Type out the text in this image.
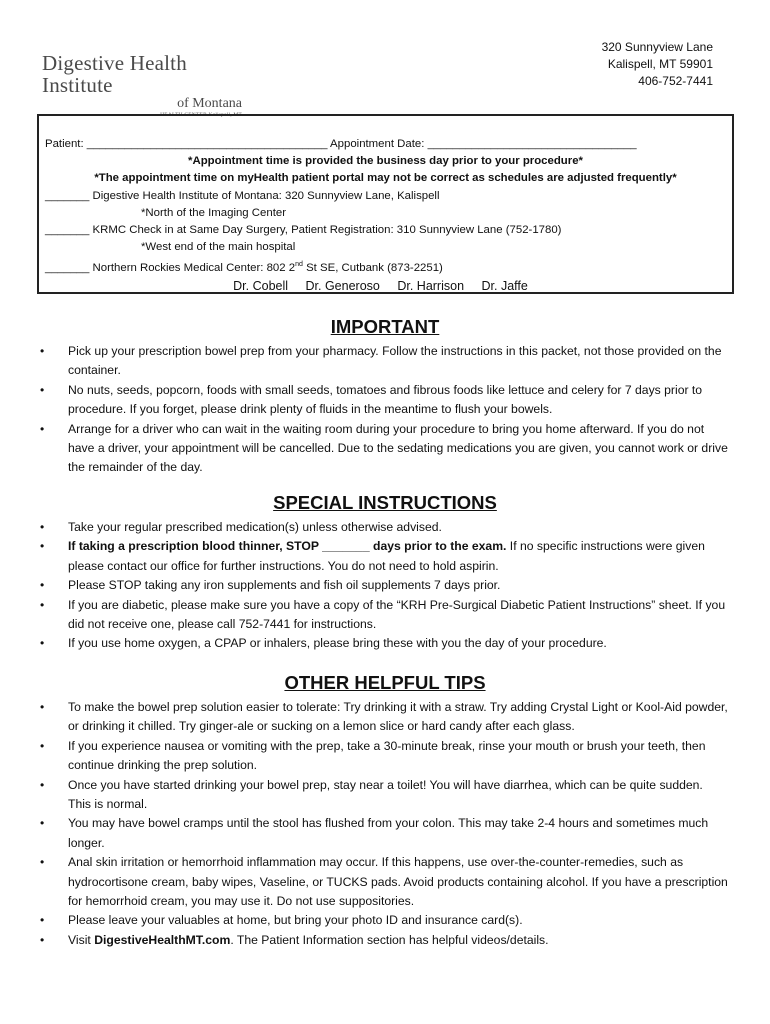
Digestive Health Institute
of Montana
HEALTH CENTER Kalispell, MT
320 Sunnyview Lane
Kalispell, MT 59901
406-752-7441
Patient: ______________________________________ Appointment Date: _________________________________
*Appointment time is provided the business day prior to your procedure*
*The appointment time on myHealth patient portal may not be correct as schedules are adjusted frequently*
_______ Digestive Health Institute of Montana: 320 Sunnyview Lane, Kalispell
*North of the Imaging Center
_______ KRMC Check in at Same Day Surgery, Patient Registration: 310 Sunnyview Lane (752-1780)
*West end of the main hospital
_______ Northern Rockies Medical Center: 802 2nd St SE, Cutbank (873-2251)
Dr. Cobell Dr. Generoso Dr. Harrison Dr. Jaffe
IMPORTANT
• Pick up your prescription bowel prep from your pharmacy. Follow the instructions in this packet, not those provided on the container.
• No nuts, seeds, popcorn, foods with small seeds, tomatoes and fibrous foods like lettuce and celery for 7 days prior to procedure. If you forget, please drink plenty of fluids in the meantime to flush your bowels.
• Arrange for a driver who can wait in the waiting room during your procedure to bring you home afterward. If you do not have a driver, your appointment will be cancelled. Due to the sedating medications you are given, you cannot work or drive the remainder of the day.
SPECIAL INSTRUCTIONS
• Take your regular prescribed medication(s) unless otherwise advised.
• If taking a prescription blood thinner, STOP _______ days prior to the exam. If no specific instructions were given please contact our office for further instructions. You do not need to hold aspirin.
• Please STOP taking any iron supplements and fish oil supplements 7 days prior.
• If you are diabetic, please make sure you have a copy of the “KRH Pre-Surgical Diabetic Patient Instructions” sheet. If you did not receive one, please call 752-7441 for instructions.
• If you use home oxygen, a CPAP or inhalers, please bring these with you the day of your procedure.
OTHER HELPFUL TIPS
• To make the bowel prep solution easier to tolerate: Try drinking it with a straw. Try adding Crystal Light or Kool-Aid powder, or drinking it chilled. Try ginger-ale or sucking on a lemon slice or hard candy after each glass.
• If you experience nausea or vomiting with the prep, take a 30-minute break, rinse your mouth or brush your teeth, then continue drinking the prep solution.
• Once you have started drinking your bowel prep, stay near a toilet! You will have diarrhea, which can be quite sudden. This is normal.
• You may have bowel cramps until the stool has flushed from your colon. This may take 2-4 hours and sometimes much longer.
• Anal skin irritation or hemorrhoid inflammation may occur. If this happens, use over-the-counter-remedies, such as hydrocortisone cream, baby wipes, Vaseline, or TUCKS pads. Avoid products containing alcohol. If you have a prescription for hemorrhoid cream, you may use it. Do not use suppositories.
• Please leave your valuables at home, but bring your photo ID and insurance card(s).
• Visit DigestiveHealthMT.com. The Patient Information section has helpful videos/details.
